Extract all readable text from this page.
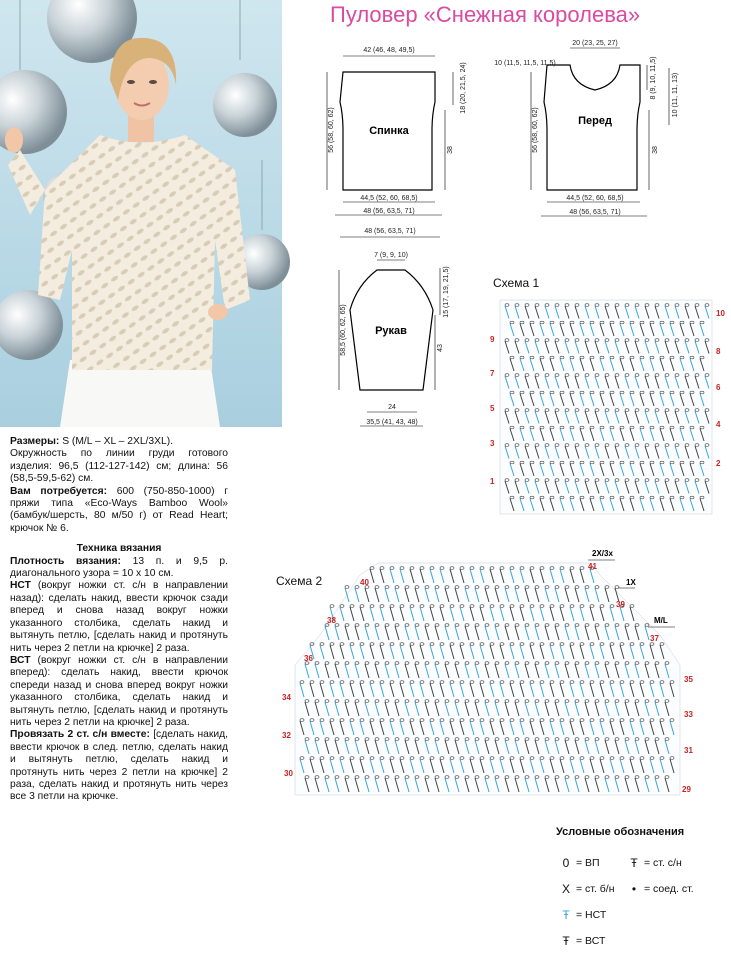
Пуловер «Снежная королева»
42 (46, 48, 49,5)
44,5 (52, 60, 68,5)
56 (58, 60, 62)
18 (20, 21,5, 24)
38
Спинка
48 (56, 63,5, 71)
20 (23, 25, 27)
10 (11,5, 11,5, 11,5)	8 (9, 10, 11,5) 10 (11, 11, 13)
38
56 (58, 60, 62)
44,5 (52, 60, 68,5)
48 (56, 63,5, 71)
Перед
48 (56, 63,5, 71)
7 (9, 9, 10)
15 (17, 19, 21,5)
58,5 (60, 62, 65)	43
24
35,5 (41, 43, 48)
Рукав
Схема 1
9
7
5
3
1
10
8
6
4
2

Размеры: S (M/L – XL – 2XL/3XL).

Окружность по линии груди готового изделия: 96,5 (112-127-142) см; длина: 56 (58,5-59,5-62) см.

Вам потребуется: 600 (750-850-1000) г пряжи типа «Eco-Ways Bamboo Wool» (бамбук/шерсть, 80 м/50 г) от Read Heart; крючок № 6.

Техника вязания

Плотность вязания: 13 п. и 9,5 р. диагонального узора = 10 х 10 см.

НСТ (вокруг ножки ст. с/н в направлении назад): сделать накид, ввести крючок сзади вперед и снова назад вокруг ножки указанного столбика, сделать накид и вытянуть петлю, [сделать накид и протянуть нить через 2 петли на крючке] 2 раза.

ВСТ (вокруг ножки ст. с/н в направлении вперед): сделать накид, ввести крючок спереди назад и снова вперед вокруг ножки указанного столбика, сделать накид и вытянуть петлю, [сделать накид и протянуть нить через 2 петли на крючке] 2 раза.

Провязать 2 ст. с/н вместе: [сделать накид, ввести крючок в след. петлю, сделать накид и вытянуть петлю, сделать накид и протянуть нить через 2 петли на крючке] 2 раза, сделать накид и протянуть нить через все 3 петли на крючке.

Схема 2
2Х/3х
1Х
M/L
40
38
36
34
32
30
41
39
37
35
33
31
29
Условные обозначения
0 = ВП	Ŧ = ст. с/н
X = ст. б/н	• = соед. ст.
Ŧ = НСТ
Ŧ = ВСТ
